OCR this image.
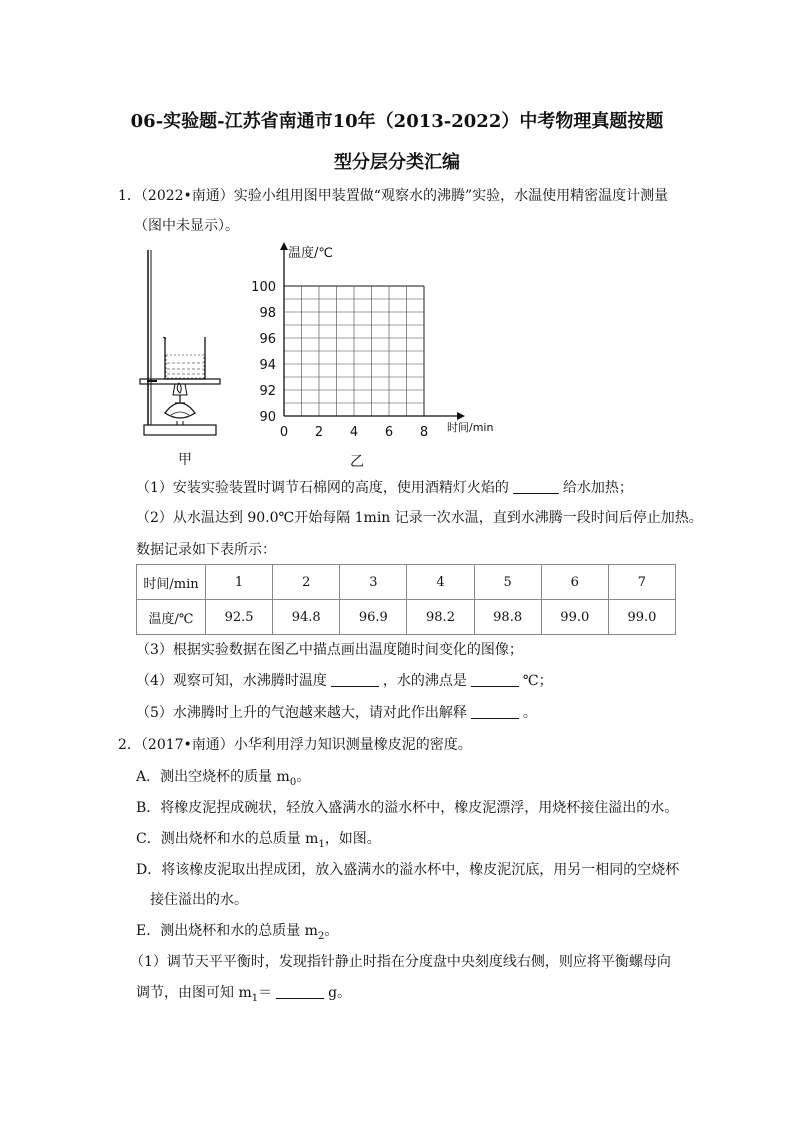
06-实验题-江苏省南通市10年（2013-2022）中考物理真题按题
型分层分类汇编
1．（2022•南通）实验小组用图甲装置做“观察水的沸腾”实验，水温使用精密温度计测量
（图中未显示）。
甲
90
92
94
96
98
100
0 2 4 6 8
温度/℃
时间/min
乙
（1）安装实验装置时调节石棉网的高度，使用酒精灯火焰的	给水加热；
（2）从水温达到 90.0℃开始每隔 1min 记录一次水温，直到水沸腾一段时间后停止加热。
数据记录如下表所示：
时间/min	1	2	3	4	5	6	7
温度/℃	92.5	94.8	96.9	98.2	98.8	99.0	99.0
（3）根据实验数据在图乙中描点画出温度随时间变化的图像；
（4）观察可知，水沸腾时温度	，水的沸点是	℃；
（5）水沸腾时上升的气泡越来越大，请对此作出解释	。
2．（2017•南通）小华利用浮力知识测量橡皮泥的密度。
A．测出空烧杯的质量 $m_0$。
B．将橡皮泥捏成碗状，轻放入盛满水的溢水杯中，橡皮泥漂浮，用烧杯接住溢出的水。
C．测出烧杯和水的总质量 $m_1$，如图。
D．将该橡皮泥取出捏成团，放入盛满水的溢水杯中，橡皮泥沉底，用另一相同的空烧杯
接住溢出的水。
E．测出烧杯和水的总质量 $m_2$。
（1）调节天平平衡时，发现指针静止时指在分度盘中央刻度线右侧，则应将平衡螺母向
调节，由图可知 $m_1=$	g。
